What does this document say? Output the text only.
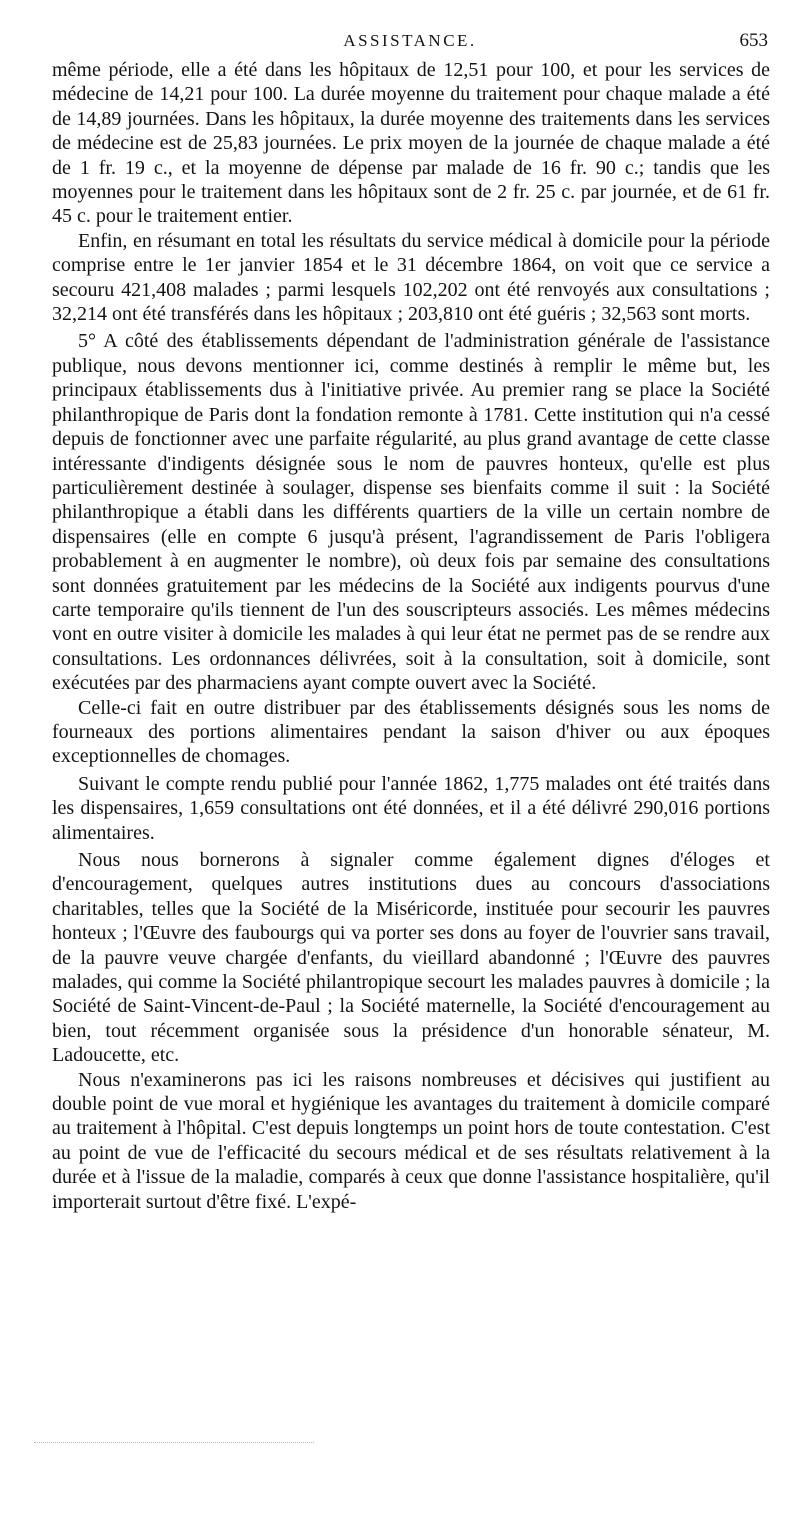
ASSISTANCE.	653

même période, elle a été dans les hôpitaux de 12,51 pour 100, et pour les services de médecine de 14,21 pour 100. La durée moyenne du traitement pour chaque malade a été de 14,89 journées. Dans les hôpitaux, la durée moyenne des traitements dans les services de médecine est de 25,83 journées. Le prix moyen de la journée de chaque malade a été de 1 fr. 19 c., et la moyenne de dépense par malade de 16 fr. 90 c.; tandis que les moyennes pour le traitement dans les hôpitaux sont de 2 fr. 25 c. par journée, et de 61 fr. 45 c. pour le traitement entier.

Enfin, en résumant en total les résultats du service médical à domicile pour la période comprise entre le 1er janvier 1854 et le 31 décembre 1864, on voit que ce service a secouru 421,408 malades ; parmi lesquels 102,202 ont été renvoyés aux consultations ; 32,214 ont été transférés dans les hôpitaux ; 203,810 ont été guéris ; 32,563 sont morts.

5° A côté des établissements dépendant de l'administration générale de l'assistance publique, nous devons mentionner ici, comme destinés à remplir le même but, les principaux établissements dus à l'initiative privée. Au premier rang se place la Société philanthropique de Paris dont la fondation remonte à 1781. Cette institution qui n'a cessé depuis de fonctionner avec une parfaite régularité, au plus grand avantage de cette classe intéressante d'indigents désignée sous le nom de pauvres honteux, qu'elle est plus particulièrement destinée à soulager, dispense ses bienfaits comme il suit : la Société philanthropique a établi dans les différents quartiers de la ville un certain nombre de dispensaires (elle en compte 6 jusqu'à présent, l'agrandissement de Paris l'obligera probablement à en augmenter le nombre), où deux fois par semaine des consultations sont données gratuitement par les médecins de la Société aux indigents pourvus d'une carte temporaire qu'ils tiennent de l'un des souscripteurs associés. Les mêmes médecins vont en outre visiter à domicile les malades à qui leur état ne permet pas de se rendre aux consultations. Les ordonnances délivrées, soit à la consultation, soit à domicile, sont exécutées par des pharmaciens ayant compte ouvert avec la Société.

Celle-ci fait en outre distribuer par des établissements désignés sous les noms de fourneaux des portions alimentaires pendant la saison d'hiver ou aux époques exceptionnelles de chomages.

Suivant le compte rendu publié pour l'année 1862, 1,775 malades ont été traités dans les dispensaires, 1,659 consultations ont été données, et il a été délivré 290,016 portions alimentaires.

Nous nous bornerons à signaler comme également dignes d'éloges et d'encouragement, quelques autres institutions dues au concours d'associations charitables, telles que la Société de la Miséricorde, instituée pour secourir les pauvres honteux ; l'Œuvre des faubourgs qui va porter ses dons au foyer de l'ouvrier sans travail, de la pauvre veuve chargée d'enfants, du vieillard abandonné ; l'Œuvre des pauvres malades, qui comme la Société philantropique secourt les malades pauvres à domicile ; la Société de Saint-Vincent-de-Paul ; la Société maternelle, la Société d'encouragement au bien, tout récemment organisée sous la présidence d'un honorable sénateur, M. Ladoucette, etc.

Nous n'examinerons pas ici les raisons nombreuses et décisives qui justifient au double point de vue moral et hygiénique les avantages du traitement à domicile comparé au traitement à l'hôpital. C'est depuis longtemps un point hors de toute contestation. C'est au point de vue de l'efficacité du secours médical et de ses résultats relativement à la durée et à l'issue de la maladie, comparés à ceux que donne l'assistance hospitalière, qu'il importerait surtout d'être fixé. L'expé-
